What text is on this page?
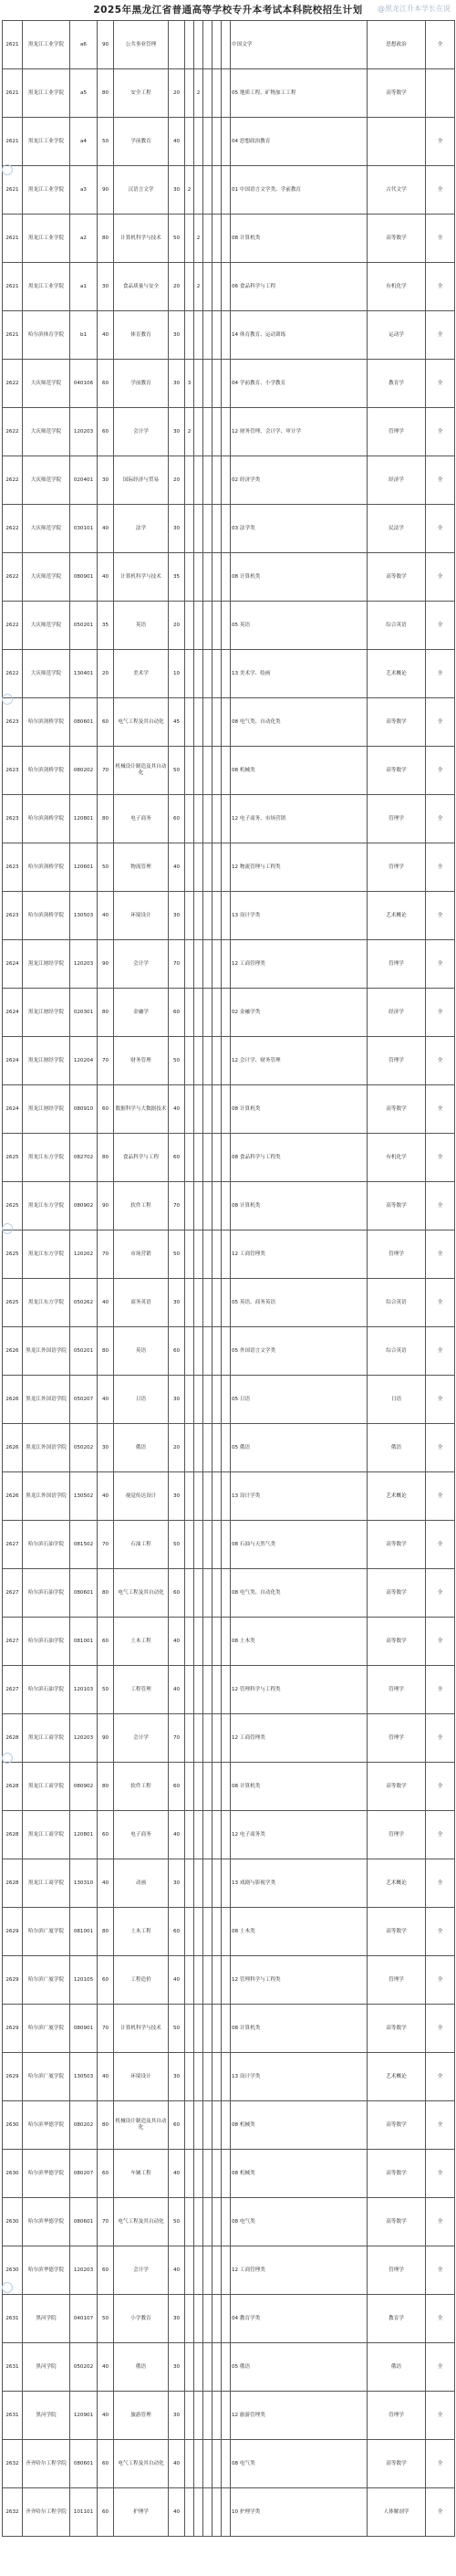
2025年黑龙江省普通高等学校专升本考试本科院校招生计划	@黑龙江升本学长在说
2621	黑龙江工业学院	a6	90	公共事业管理							中国文学	思想政治	全
2621	黑龙江工业学院	a5	80	安全工程	20		2				05 地质工程、矿物加工工程	高等数学	
2621	黑龙江工业学院	a4	50	学前教育	40						04 思想政治教育		全
2621	黑龙江工业学院	a3	90	汉语言文学	30	2					01 中国语言文学类、学前教育	古代文学	全
2621	黑龙江工业学院	a2	80	计算机科学与技术	50		2				08 计算机类	高等数学	全
2621	黑龙江工业学院	a1	30	食品质量与安全	20		2				06 食品科学与工程	有机化学	全
2621	哈尔滨体育学院	b1	40	体育教育	30						14 体育教育、运动训练	运动学	全
2622	大庆师范学院	040106	60	学前教育	30	3					04 学前教育、小学教育	教育学	全
2622	大庆师范学院	120203	60	会计学	30	2					12 财务管理、会计学、审计学	管理学	全
2622	大庆师范学院	020401	30	国际经济与贸易	20						02 经济学类	经济学	全
2622	大庆师范学院	030101	40	法学	30						03 法学类	民法学	全
2622	大庆师范学院	080901	40	计算机科学与技术	35						08 计算机类	高等数学	全
2622	大庆师范学院	050201	35	英语	20						05 英语	综合英语	全
2622	大庆师范学院	130401	20	美术学	10						13 美术学、绘画	艺术概论	全
2623	哈尔滨剑桥学院	080601	60	电气工程及其自动化	45						08 电气类、自动化类	高等数学	全
2623	哈尔滨剑桥学院	080202	70	机械设计制造及其自动化	50						08 机械类	高等数学	全
2623	哈尔滨剑桥学院	120801	80	电子商务	60						12 电子商务、市场营销	管理学	全
2623	哈尔滨剑桥学院	120601	50	物流管理	40						12 物流管理与工程类	管理学	全
2623	哈尔滨剑桥学院	130503	40	环境设计	30						13 设计学类	艺术概论	全
2624	黑龙江财经学院	120203	90	会计学	70						12 工商管理类	管理学	全
2624	黑龙江财经学院	020301	80	金融学	60						02 金融学类	经济学	全
2624	黑龙江财经学院	120204	70	财务管理	50						12 会计学、财务管理	管理学	全
2624	黑龙江财经学院	080910	60	数据科学与大数据技术	40						08 计算机类	高等数学	全
2625	黑龙江东方学院	082702	80	食品科学与工程	60						08 食品科学与工程类	有机化学	全
2625	黑龙江东方学院	080902	90	软件工程	70						08 计算机类	高等数学	全
2625	黑龙江东方学院	120202	70	市场营销	50						12 工商管理类	管理学	全
2625	黑龙江东方学院	050262	40	商务英语	30						05 英语、商务英语	综合英语	全
2626	黑龙江外国语学院	050201	80	英语	60						05 外国语言文学类	综合英语	全
2626	黑龙江外国语学院	050207	40	日语	30						05 日语	日语	全
2626	黑龙江外国语学院	050202	30	俄语	20						05 俄语	俄语	全
2626	黑龙江外国语学院	130502	40	视觉传达设计	30						13 设计学类	艺术概论	全
2627	哈尔滨石油学院	081502	70	石油工程	50						08 石油与天然气类	高等数学	全
2627	哈尔滨石油学院	080601	80	电气工程及其自动化	60						08 电气类、自动化类	高等数学	全
2627	哈尔滨石油学院	081001	60	土木工程	40						08 土木类	高等数学	全
2627	哈尔滨石油学院	120103	50	工程管理	40						12 管理科学与工程类	管理学	全
2628	黑龙江工商学院	120203	90	会计学	70						12 工商管理类	管理学	全
2628	黑龙江工商学院	080902	80	软件工程	60						08 计算机类	高等数学	全
2628	黑龙江工商学院	120801	60	电子商务	40						12 电子商务类	管理学	全
2628	黑龙江工商学院	130310	40	动画	30						13 戏剧与影视学类	艺术概论	全
2629	哈尔滨广厦学院	081001	80	土木工程	60						08 土木类	高等数学	全
2629	哈尔滨广厦学院	120105	60	工程造价	40						12 管理科学与工程类	管理学	全
2629	哈尔滨广厦学院	080901	70	计算机科学与技术	50						08 计算机类	高等数学	全
2629	哈尔滨广厦学院	130503	40	环境设计	30						13 设计学类	艺术概论	全
2630	哈尔滨华德学院	080202	80	机械设计制造及其自动化	60						08 机械类	高等数学	全
2630	哈尔滨华德学院	080207	60	车辆工程	40						08 机械类	高等数学	全
2630	哈尔滨华德学院	080601	70	电气工程及其自动化	50						08 电气类	高等数学	全
2630	哈尔滨华德学院	120203	60	会计学	40						12 工商管理类	管理学	全
2631	黑河学院	040107	50	小学教育	30						04 教育学类	教育学	全
2631	黑河学院	050202	40	俄语	30						05 俄语	俄语	全
2631	黑河学院	120901	40	旅游管理	30						12 旅游管理类	管理学	全
2632	齐齐哈尔工程学院	080601	60	电气工程及其自动化	40						08 电气类	高等数学	全
2632	齐齐哈尔工程学院	101101	60	护理学	40						10 护理学类	人体解剖学	全
